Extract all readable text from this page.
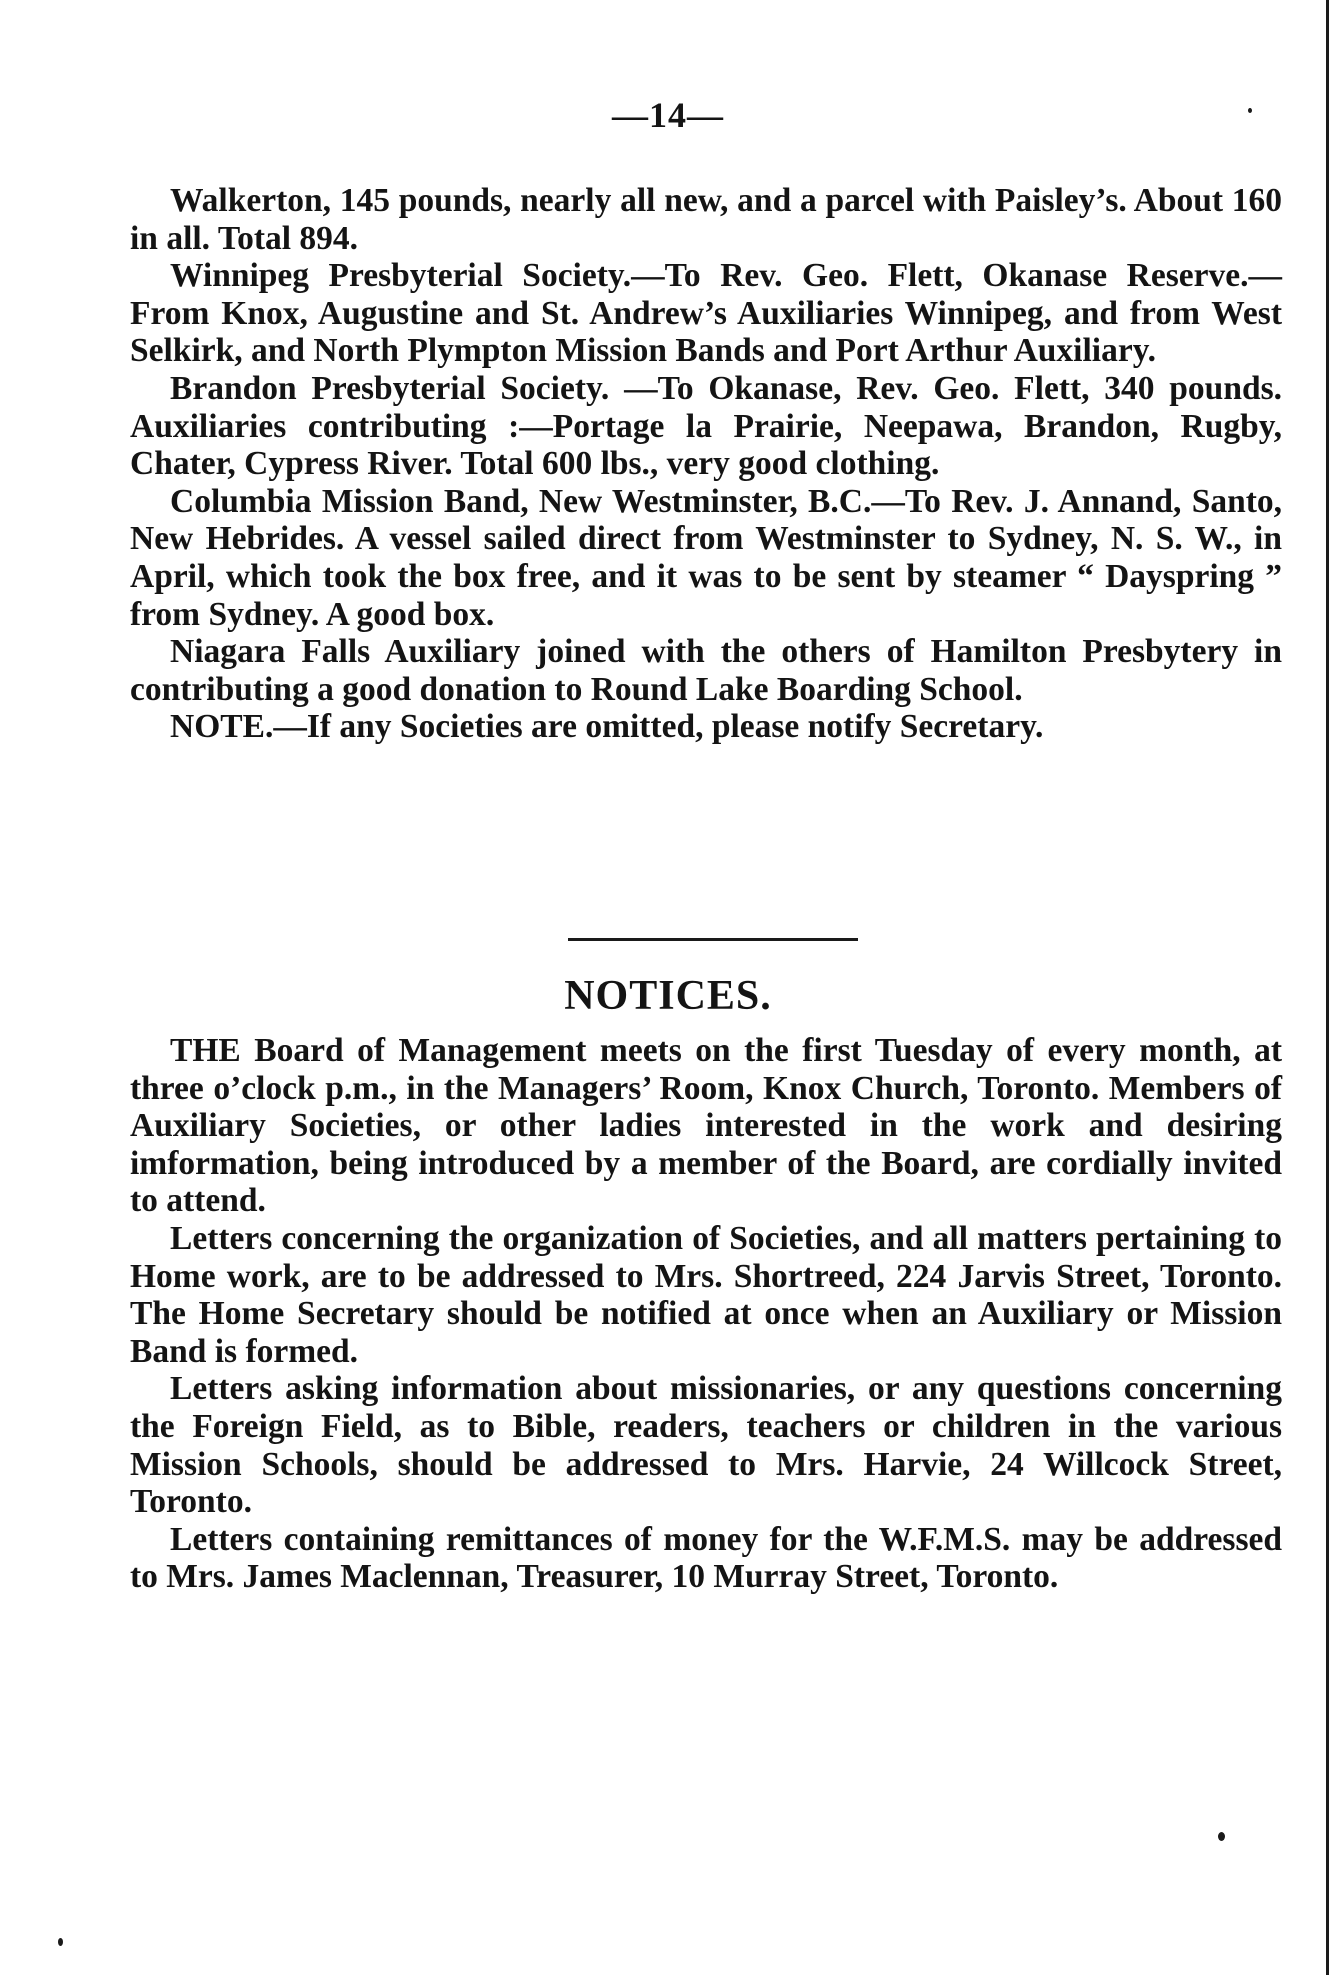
—14—

Walkerton, 145 pounds, nearly all new, and a parcel with Paisley’s. About 160 in all. Total 894.

Winnipeg Presbyterial Society.—To Rev. Geo. Flett, Okanase Reserve.—From Knox, Augustine and St. Andrew’s Auxiliaries Winnipeg, and from West Selkirk, and North Plympton Mission Bands and Port Arthur Auxiliary.

Brandon Presbyterial Society. —To Okanase, Rev. Geo. Flett, 340 pounds. Auxiliaries contributing :—Portage la Prairie, Neepawa, Brandon, Rugby, Chater, Cypress River. Total 600 lbs., very good clothing.

Columbia Mission Band, New Westminster, B.C.—To Rev. J. Annand, Santo, New Hebrides. A vessel sailed direct from Westminster to Sydney, N. S. W., in April, which took the box free, and it was to be sent by steamer “ Dayspring ” from Sydney. A good box.

Niagara Falls Auxiliary joined with the others of Hamilton Presbytery in contributing a good donation to Round Lake Boarding School.

NOTE.—If any Societies are omitted, please notify Secretary.

NOTICES.

THE Board of Management meets on the first Tuesday of every month, at three o’clock p.m., in the Managers’ Room, Knox Church, Toronto. Members of Auxiliary Societies, or other ladies interested in the work and desiring imformation, being introduced by a member of the Board, are cordially invited to attend.

Letters concerning the organization of Societies, and all matters pertaining to Home work, are to be addressed to Mrs. Shortreed, 224 Jarvis Street, Toronto. The Home Secretary should be notified at once when an Auxiliary or Mission Band is formed.

Letters asking information about missionaries, or any questions concerning the Foreign Field, as to Bible, readers, teachers or children in the various Mission Schools, should be addressed to Mrs. Harvie, 24 Willcock Street, Toronto.

Letters containing remittances of money for the W.F.M.S. may be addressed to Mrs. James Maclennan, Treasurer, 10 Murray Street, Toronto.
